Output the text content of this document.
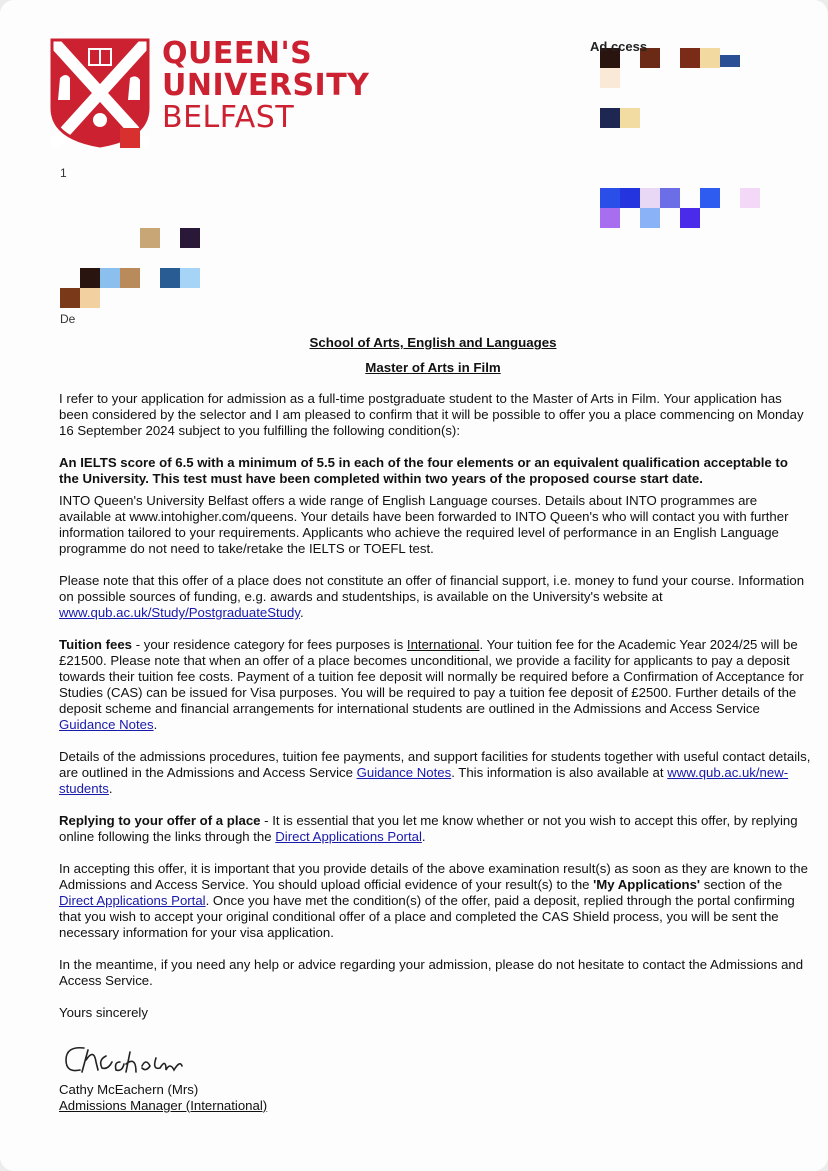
QUEEN'S
UNIVERSITY
BELFAST
Ad ccess
1
De
School of Arts, English and Languages
Master of Arts in Film

I refer to your application for admission as a full-time postgraduate student to the Master of Arts in Film. Your application has been considered by the selector and I am pleased to confirm that it will be possible to offer you a place commencing on Monday 16 September 2024 subject to you fulfilling the following condition(s):

An IELTS score of 6.5 with a minimum of 5.5 in each of the four elements or an equivalent qualification acceptable to the University. This test must have been completed within two years of the proposed course start date.

INTO Queen's University Belfast offers a wide range of English Language courses. Details about INTO programmes are available at www.intohigher.com/queens. Your details have been forwarded to INTO Queen's who will contact you with further information tailored to your requirements. Applicants who achieve the required level of performance in an English Language programme do not need to take/retake the IELTS or TOEFL test.

Please note that this offer of a place does not constitute an offer of financial support, i.e. money to fund your course. Information on possible sources of funding, e.g. awards and studentships, is available on the University's website at www.qub.ac.uk/Study/PostgraduateStudy.

Tuition fees - your residence category for fees purposes is International. Your tuition fee for the Academic Year 2024/25 will be £21500. Please note that when an offer of a place becomes unconditional, we provide a facility for applicants to pay a deposit towards their tuition fee costs. Payment of a tuition fee deposit will normally be required before a Confirmation of Acceptance for Studies (CAS) can be issued for Visa purposes. You will be required to pay a tuition fee deposit of £2500. Further details of the deposit scheme and financial arrangements for international students are outlined in the Admissions and Access Service Guidance Notes.

Details of the admissions procedures, tuition fee payments, and support facilities for students together with useful contact details, are outlined in the Admissions and Access Service Guidance Notes. This information is also available at www.qub.ac.uk/new-students.

Replying to your offer of a place - It is essential that you let me know whether or not you wish to accept this offer, by replying online following the links through the Direct Applications Portal.

In accepting this offer, it is important that you provide details of the above examination result(s) as soon as they are known to the Admissions and Access Service. You should upload official evidence of your result(s) to the 'My Applications' section of the Direct Applications Portal. Once you have met the condition(s) of the offer, paid a deposit, replied through the portal confirming that you wish to accept your original conditional offer of a place and completed the CAS Shield process, you will be sent the necessary information for your visa application.

In the meantime, if you need any help or advice regarding your admission, please do not hesitate to contact the Admissions and Access Service.

Yours sincerely

Cathy McEachern (Mrs)
Admissions Manager (International)
